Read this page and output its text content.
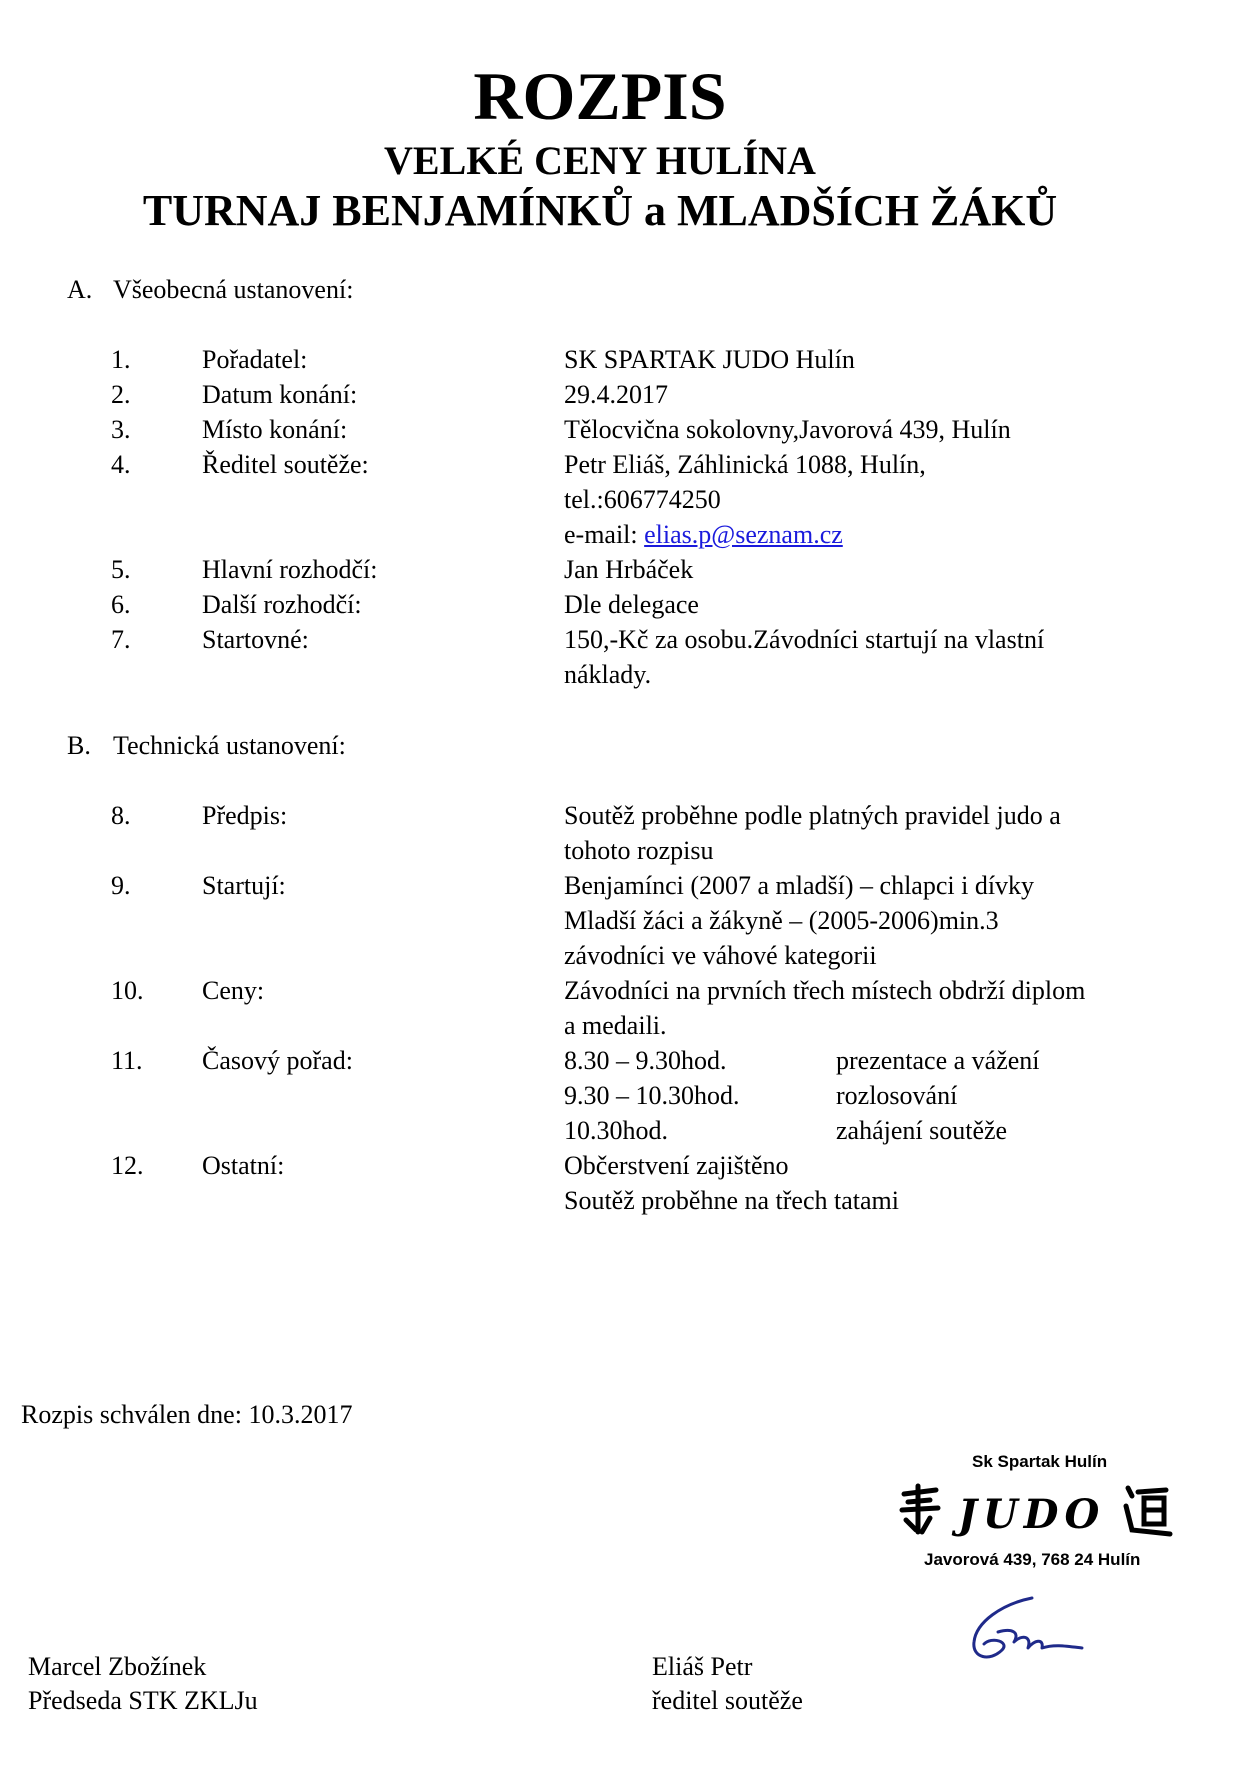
ROZPIS
VELKÉ CENY HULÍNA
TURNAJ BENJAMÍNKŮ a MLADŠÍCH ŽÁKŮ
A. Všeobecná ustanovení:
1.	Pořadatel:	SK SPARTAK JUDO Hulín
2.	Datum konání:	29.4.2017
3.	Místo konání:	Tělocvična sokolovny,Javorová 439, Hulín
4.	Ředitel soutěže:	Petr Eliáš, Záhlinická 1088, Hulín,
tel.:606774250
e-mail: elias.p@seznam.cz
5.	Hlavní rozhodčí:	Jan Hrbáček
6.	Další rozhodčí:	Dle delegace
7.	Startovné:	150,-Kč za osobu.Závodníci startují na vlastní
náklady.
B. Technická ustanovení:
8.	Předpis:	Soutěž proběhne podle platných pravidel judo a
tohoto rozpisu
9.	Startují:	Benjamínci (2007 a mladší) – chlapci i dívky
Mladší žáci a žákyně – (2005-2006)min.3
závodníci ve váhové kategorii
10. Ceny:	Závodníci na prvních třech místech obdrží diplom
a medaili.
11. Časový pořad:	8.30 – 9.30hod.	prezentace a vážení
9.30 – 10.30hod.	rozlosování
10.30hod.	zahájení soutěže
12. Ostatní:	Občerstvení zajištěno
Soutěž proběhne na třech tatami
Rozpis schválen dne: 10.3.2017
Sk Spartak Hulín
JUDO
Javorová 439, 768 24 Hulín
Marcel Zbožínek
Předseda STK ZKLJu
Eliáš Petr
ředitel soutěže
